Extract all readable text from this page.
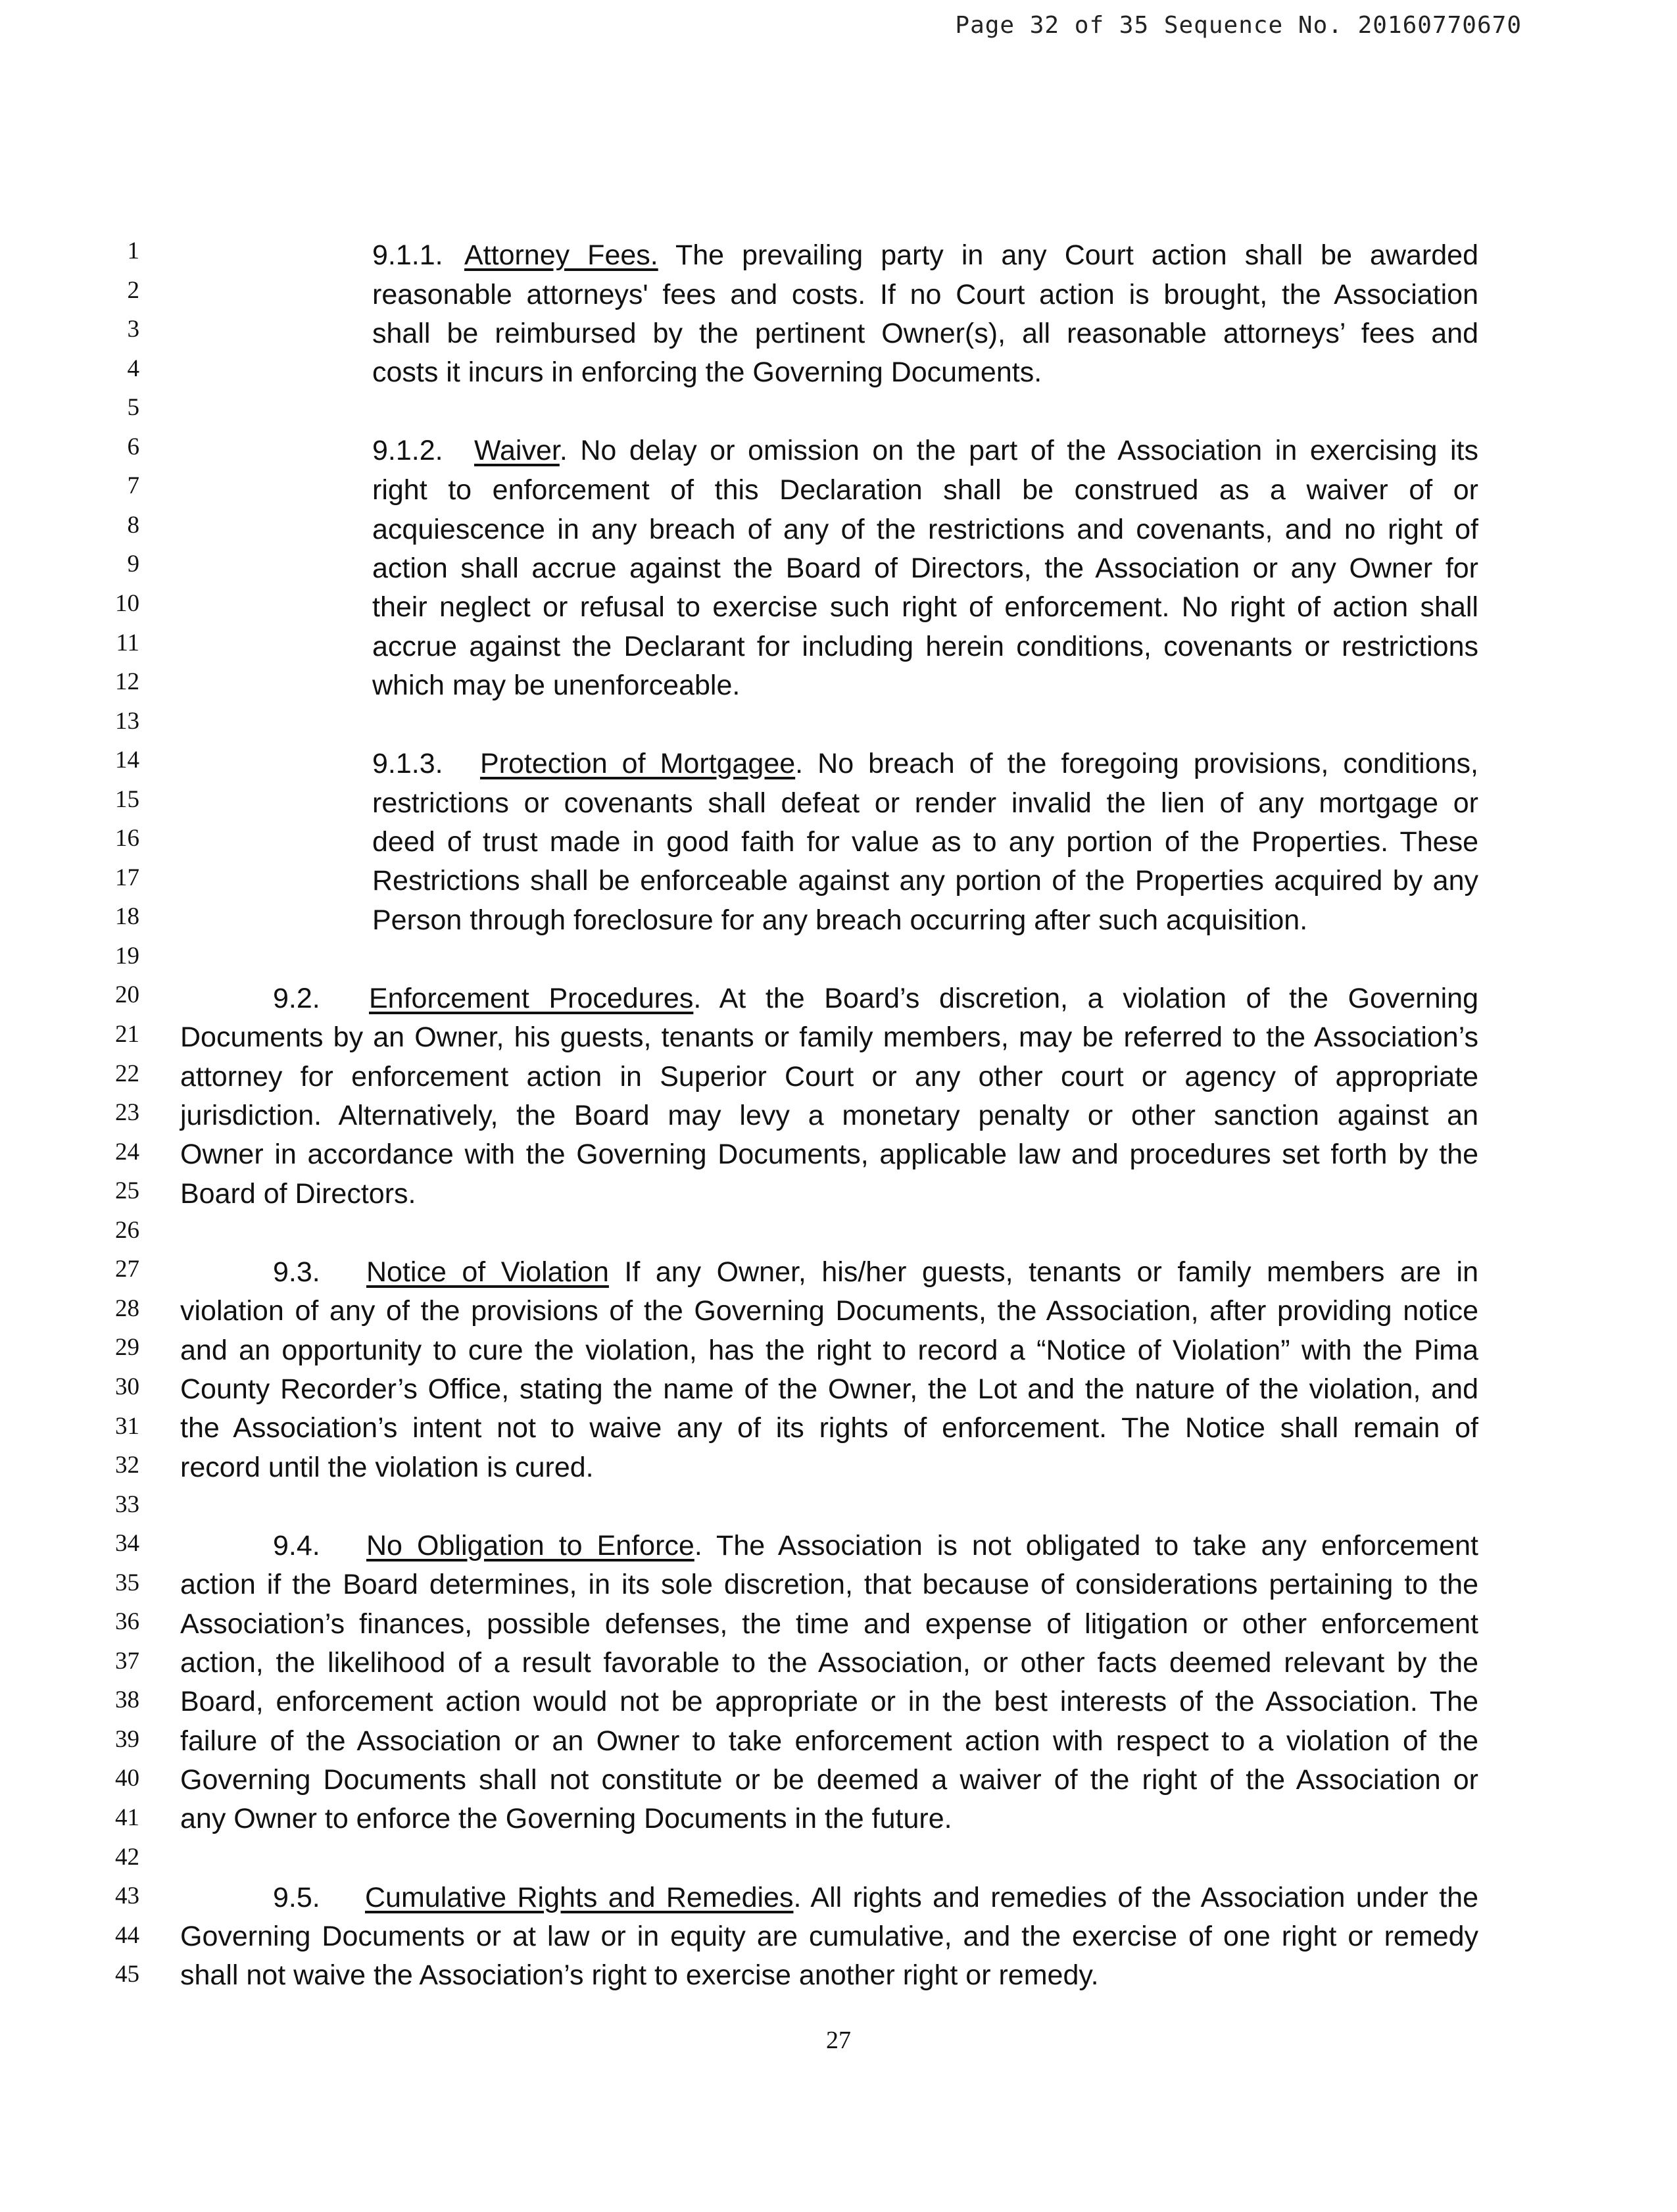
Page 32 of 35 Sequence No. 20160770670
1
2
3
4
5
6
7
8
9
10
11
12
13
14
15
16
17
18
19
20
21
22
23
24
25
26
27
28
29
30
31
32
33
34
35
36
37
38
39
40
41
42
43
44
45
9.1.1. Attorney Fees. The prevailing party in any Court action shall be awarded
reasonable attorneys' fees and costs. If no Court action is brought, the Association
shall be reimbursed by the pertinent Owner(s), all reasonable attorneys’ fees and
costs it incurs in enforcing the Governing Documents.
9.1.2. Waiver. No delay or omission on the part of the Association in exercising its
right to enforcement of this Declaration shall be construed as a waiver of or
acquiescence in any breach of any of the restrictions and covenants, and no right of
action shall accrue against the Board of Directors, the Association or any Owner for
their neglect or refusal to exercise such right of enforcement. No right of action shall
accrue against the Declarant for including herein conditions, covenants or restrictions
which may be unenforceable.
9.1.3. Protection of Mortgagee. No breach of the foregoing provisions, conditions,
restrictions or covenants shall defeat or render invalid the lien of any mortgage or
deed of trust made in good faith for value as to any portion of the Properties. These
Restrictions shall be enforceable against any portion of the Properties acquired by any
Person through foreclosure for any breach occurring after such acquisition.
9.2. Enforcement Procedures. At the Board’s discretion, a violation of the Governing
Documents by an Owner, his guests, tenants or family members, may be referred to the Association’s
attorney for enforcement action in Superior Court or any other court or agency of appropriate
jurisdiction. Alternatively, the Board may levy a monetary penalty or other sanction against an
Owner in accordance with the Governing Documents, applicable law and procedures set forth by the
Board of Directors.
9.3. Notice of Violation If any Owner, his/her guests, tenants or family members are in
violation of any of the provisions of the Governing Documents, the Association, after providing notice
and an opportunity to cure the violation, has the right to record a “Notice of Violation” with the Pima
County Recorder’s Office, stating the name of the Owner, the Lot and the nature of the violation, and
the Association’s intent not to waive any of its rights of enforcement. The Notice shall remain of
record until the violation is cured.
9.4. No Obligation to Enforce. The Association is not obligated to take any enforcement
action if the Board determines, in its sole discretion, that because of considerations pertaining to the
Association’s finances, possible defenses, the time and expense of litigation or other enforcement
action, the likelihood of a result favorable to the Association, or other facts deemed relevant by the
Board, enforcement action would not be appropriate or in the best interests of the Association. The
failure of the Association or an Owner to take enforcement action with respect to a violation of the
Governing Documents shall not constitute or be deemed a waiver of the right of the Association or
any Owner to enforce the Governing Documents in the future.
9.5. Cumulative Rights and Remedies. All rights and remedies of the Association under the
Governing Documents or at law or in equity are cumulative, and the exercise of one right or remedy
shall not waive the Association’s right to exercise another right or remedy.
27
